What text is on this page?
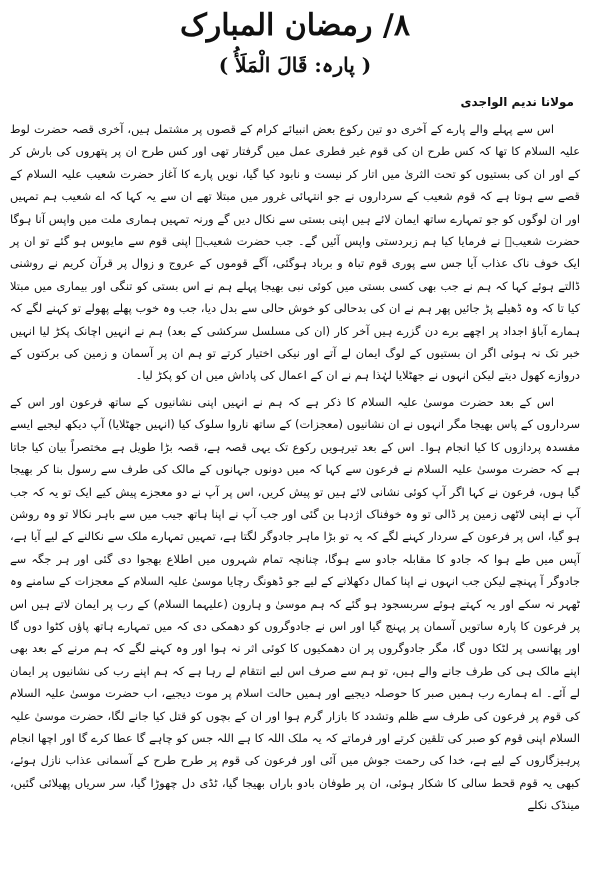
۸/ رمضان المبارک
( پارہ: قَالَ الْمَلَأُ )
مولانا ندیم الواجدی

اس سے پہلے والے پارے کے آخری دو تین رکوع بعض انبیائے کرام کے قصوں پر مشتمل ہیں، آخری قصہ حضرت لوط علیہ السلام کا تھا کہ کس طرح ان کی قوم غیر فطری عمل میں گرفتار تھی اور کس طرح ان پر پتھروں کی بارش کر کے اور ان کی بستیوں کو تحت الثریٰ میں اتار کر نیست و نابود کیا گیا، نویں پارے کا آغاز حضرت شعیب علیہ السلام کے قصے سے ہوتا ہے کہ قوم شعیب کے سرداروں نے جو انتہائی غرور میں مبتلا تھے ان سے یہ کہا کہ اے شعیب ہم تمہیں اور ان لوگوں کو جو تمہارے ساتھ ایمان لائے ہیں اپنی بستی سے نکال دیں گے ورنہ تمہیں ہماری ملت میں واپس آنا ہوگا حضرت شعیبؑ نے فرمایا کیا ہم زبردستی واپس آئیں گے۔ جب حضرت شعیبؑ اپنی قوم سے مایوس ہو گئے تو ان پر ایک خوف ناک عذاب آیا جس سے پوری قوم تباہ و برباد ہوگئی، آگے قوموں کے عروج و زوال پر قرآن کریم نے روشنی ڈالتے ہوئے کہا کہ ہم نے جب بھی کسی بستی میں کوئی نبی بھیجا پہلے ہم نے اس بستی کو تنگی اور بیماری میں مبتلا کیا تا کہ وہ ڈھیلے پڑ جائیں پھر ہم نے ان کی بدحالی کو خوش حالی سے بدل دیا، جب وہ خوب پھلے پھولے تو کہنے لگے کہ ہمارے آباؤ اجداد پر اچھے برے دن گزرے ہیں آخر کار (ان کی مسلسل سرکشی کے بعد) ہم نے انہیں اچانک پکڑ لیا انہیں خبر تک نہ ہوئی اگر ان بستیوں کے لوگ ایمان لے آتے اور نیکی اختیار کرتے تو ہم ان پر آسمان و زمین کی برکتوں کے دروازے کھول دیتے لیکن انہوں نے جھٹلایا لہٰذا ہم نے ان کے اعمال کی پاداش میں ان کو پکڑ لیا۔

اس کے بعد حضرت موسیٰ علیہ السلام کا ذکر ہے کہ ہم نے انہیں اپنی نشانیوں کے ساتھ فرعون اور اس کے سرداروں کے پاس بھیجا مگر انہوں نے ان نشانیوں (معجزات) کے ساتھ ناروا سلوک کیا (انہیں جھٹلایا) آپ دیکھ لیجیے ایسے مفسدہ پردازوں کا کیا انجام ہوا۔ اس کے بعد تیرہویں رکوع تک یہی قصہ ہے، قصہ بڑا طویل ہے مختصراً بیان کیا جاتا ہے کہ حضرت موسیٰ علیہ السلام نے فرعون سے کہا کہ میں دونوں جہانوں کے مالک کی طرف سے رسول بنا کر بھیجا گیا ہوں، فرعون نے کہا اگر آپ کوئی نشانی لائے ہیں تو پیش کریں، اس پر آپ نے دو معجزے پیش کیے ایک تو یہ کہ جب آپ نے اپنی لاٹھی زمین پر ڈالی تو وہ خوفناک اژدہا بن گئی اور جب آپ نے اپنا ہاتھ جیب میں سے باہر نکالا تو وہ روشن ہو گیا، اس پر فرعون کے سردار کہنے لگے کہ یہ تو بڑا ماہر جادوگر لگتا ہے، تمہیں تمہارے ملک سے نکالنے کے لیے آیا ہے، آپس میں طے ہوا کہ جادو کا مقابلہ جادو سے ہوگا، چنانچہ تمام شہروں میں اطلاع بھجوا دی گئی اور ہر جگہ سے جادوگر آ پہنچے لیکن جب انہوں نے اپنا کمال دکھلانے کے لیے جو ڈھونگ رچایا موسیٰ علیہ السلام کے معجزات کے سامنے وہ ٹھہر نہ سکے اور یہ کہتے ہوئے سربسجود ہو گئے کہ ہم موسیٰ و ہارون (علیہما السلام) کے رب پر ایمان لاتے ہیں اس پر فرعون کا پارہ ساتویں آسمان پر پہنچ گیا اور اس نے جادوگروں کو دھمکی دی کہ میں تمہارے ہاتھ پاؤں کٹوا دوں گا اور پھانسی پر لٹکا دوں گا، مگر جادوگروں پر ان دھمکیوں کا کوئی اثر نہ ہوا اور وہ کہنے لگے کہ ہم مرنے کے بعد بھی اپنے مالک ہی کی طرف جانے والے ہیں، تو ہم سے صرف اس لیے انتقام لے رہا ہے کہ ہم اپنے رب کی نشانیوں پر ایمان لے آئے۔ اے ہمارے رب ہمیں صبر کا حوصلہ دیجیے اور ہمیں حالت اسلام پر موت دیجیے، اب حضرت موسیٰ علیہ السلام کی قوم پر فرعون کی طرف سے ظلم وتشدد کا بازار گرم ہوا اور ان کے بچوں کو قتل کیا جانے لگا، حضرت موسیٰ علیہ السلام اپنی قوم کو صبر کی تلقین کرتے اور فرماتے کہ یہ ملک اللہ کا ہے اللہ جس کو چاہے گا عطا کرے گا اور اچھا انجام پرہیزگاروں کے لیے ہے، خدا کی رحمت جوش میں آئی اور فرعون کی قوم پر طرح طرح کے آسمانی عذاب نازل ہوئے، کبھی یہ قوم قحط سالی کا شکار ہوئی، ان پر طوفان بادو باراں بھیجا گیا، ٹڈی دل چھوڑا گیا، سر سریاں پھیلائی گئیں، مینڈک نکلے
